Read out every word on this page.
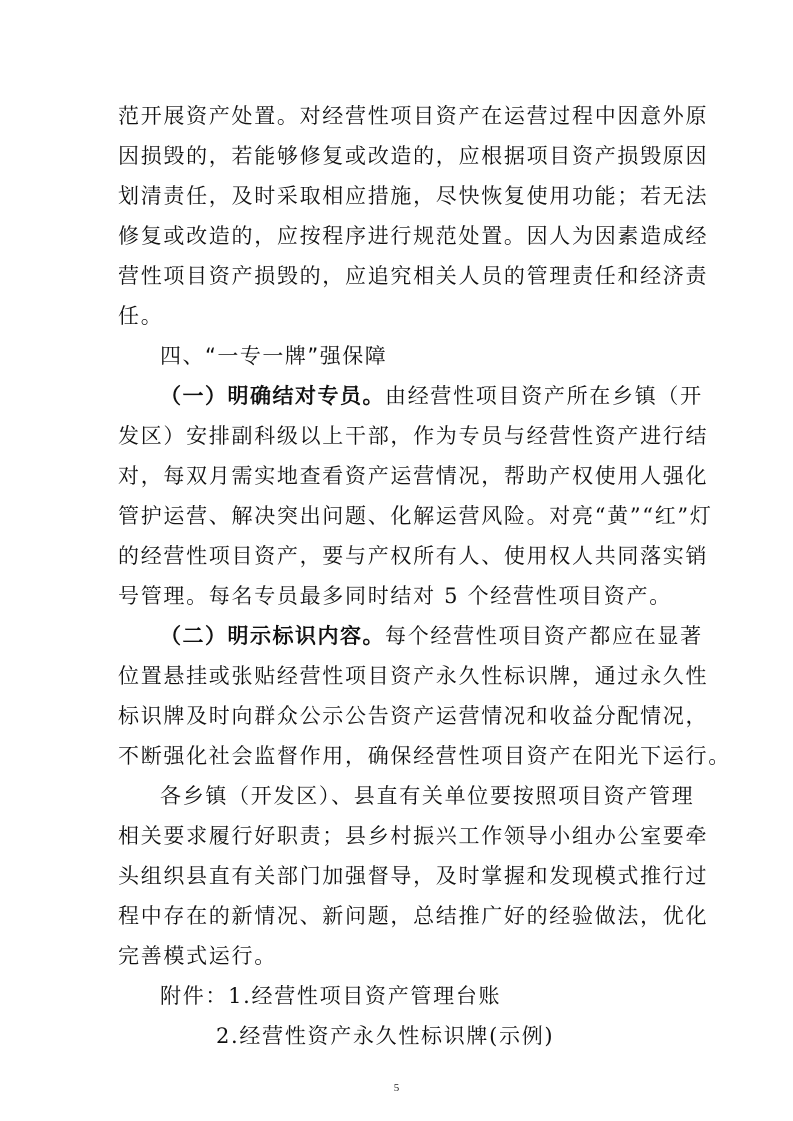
范开展资产处置。对经营性项目资产在运营过程中因意外原
因损毁的，若能够修复或改造的，应根据项目资产损毁原因
划清责任，及时采取相应措施，尽快恢复使用功能；若无法
修复或改造的，应按程序进行规范处置。因人为因素造成经
营性项目资产损毁的，应追究相关人员的管理责任和经济责
任。
四、“一专一牌”强保障
（一）明确结对专员。由经营性项目资产所在乡镇（开
发区）安排副科级以上干部，作为专员与经营性资产进行结
对，每双月需实地查看资产运营情况，帮助产权使用人强化
管护运营、解决突出问题、化解运营风险。对亮“黄”“红”灯
的经营性项目资产，要与产权所有人、使用权人共同落实销
号管理。每名专员最多同时结对 5 个经营性项目资产。
（二）明示标识内容。每个经营性项目资产都应在显著
位置悬挂或张贴经营性项目资产永久性标识牌，通过永久性
标识牌及时向群众公示公告资产运营情况和收益分配情况，
不断强化社会监督作用，确保经营性项目资产在阳光下运行。
各乡镇（开发区）、县直有关单位要按照项目资产管理
相关要求履行好职责；县乡村振兴工作领导小组办公室要牵
头组织县直有关部门加强督导，及时掌握和发现模式推行过
程中存在的新情况、新问题，总结推广好的经验做法，优化
完善模式运行。
附件：1.经营性项目资产管理台账
2.经营性资产永久性标识牌(示例)
5
